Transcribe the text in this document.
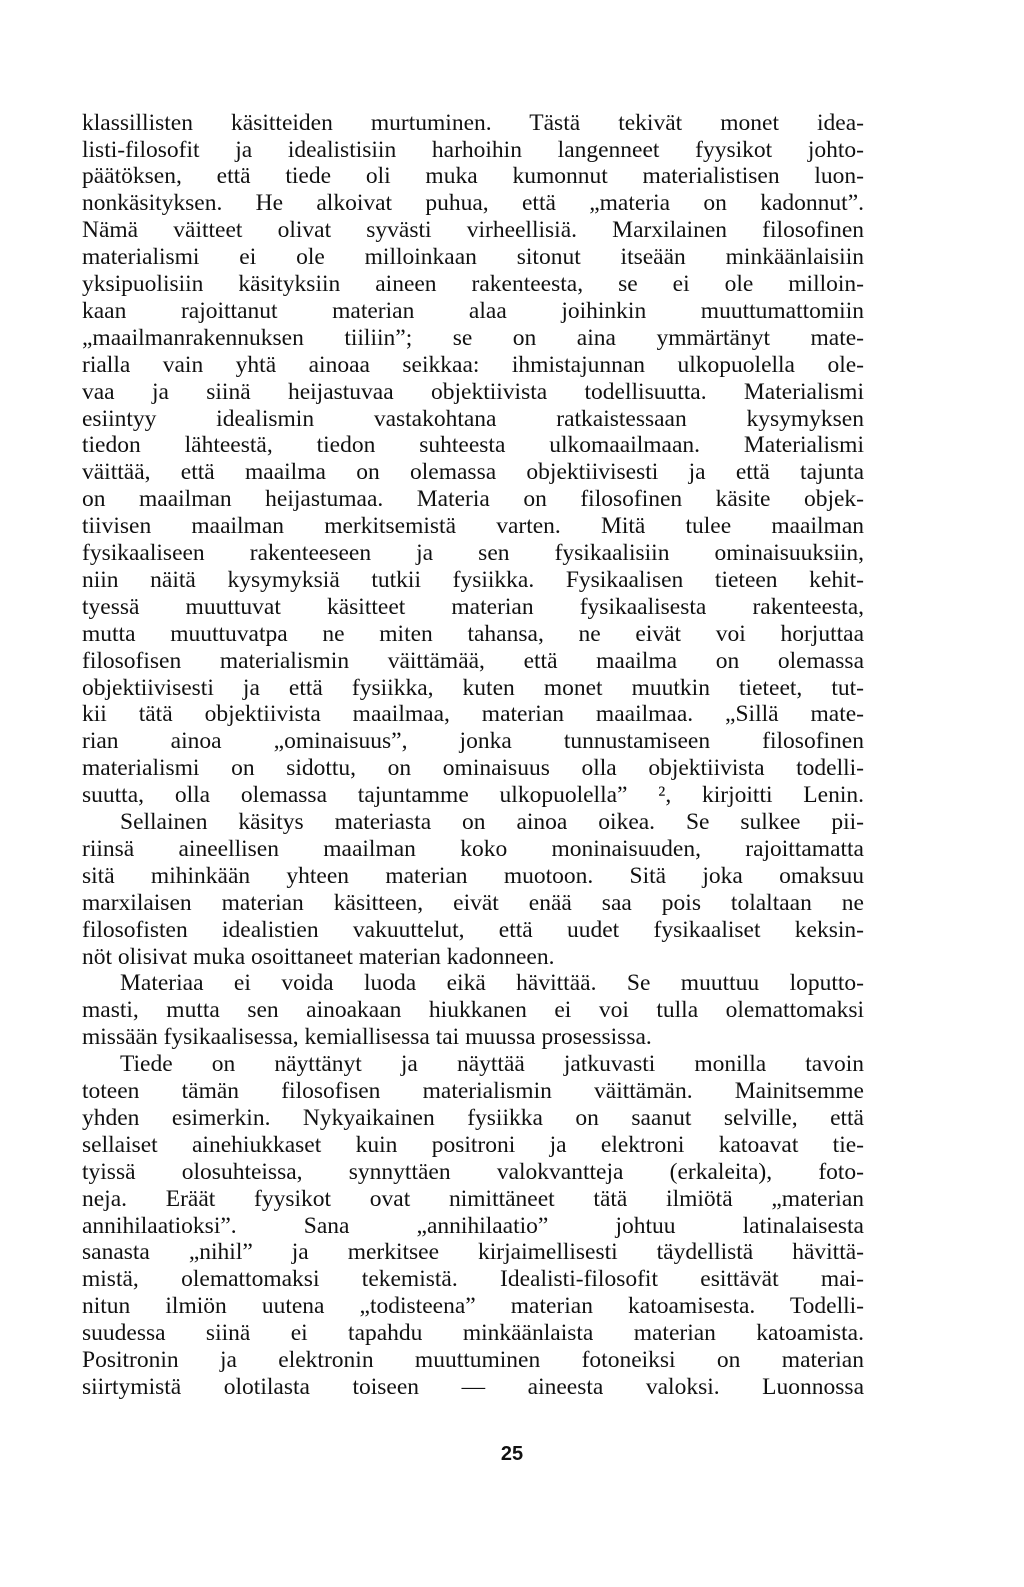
klassillisten käsitteiden murtuminen. Tästä tekivät monet idea-
listi-filosofit ja idealistisiin harhoihin langenneet fyysikot johto-
päätöksen, että tiede oli muka kumonnut materialistisen luon-
nonkäsityksen. He alkoivat puhua, että „materia on kadonnut”.
Nämä väitteet olivat syvästi virheellisiä. Marxilainen filosofinen
materialismi ei ole milloinkaan sitonut itseään minkäänlaisiin
yksipuolisiin käsityksiin aineen rakenteesta, se ei ole milloin-
kaan rajoittanut materian alaa joihinkin muuttumattomiin
„maailmanrakennuksen tiiliin”; se on aina ymmärtänyt mate-
rialla vain yhtä ainoaa seikkaa: ihmistajunnan ulkopuolella ole-
vaa ja siinä heijastuvaa objektiivista todellisuutta. Materialismi
esiintyy idealismin vastakohtana ratkaistessaan kysymyksen
tiedon lähteestä, tiedon suhteesta ulkomaailmaan. Materialismi
väittää, että maailma on olemassa objektiivisesti ja että tajunta
on maailman heijastumaa. Materia on filosofinen käsite objek-
tiivisen maailman merkitsemistä varten. Mitä tulee maailman
fysikaaliseen rakenteeseen ja sen fysikaalisiin ominaisuuksiin,
niin näitä kysymyksiä tutkii fysiikka. Fysikaalisen tieteen kehit-
tyessä muuttuvat käsitteet materian fysikaalisesta rakenteesta,
mutta muuttuvatpa ne miten tahansa, ne eivät voi horjuttaa
filosofisen materialismin väittämää, että maailma on olemassa
objektiivisesti ja että fysiikka, kuten monet muutkin tieteet, tut-
kii tätä objektiivista maailmaa, materian maailmaa. „Sillä mate-
rian ainoa „ominaisuus”, jonka tunnustamiseen filosofinen
materialismi on sidottu, on ominaisuus olla objektiivista todelli-
suutta, olla olemassa tajuntamme ulkopuolella” ², kirjoitti Lenin.
Sellainen käsitys materiasta on ainoa oikea. Se sulkee pii-
riinsä aineellisen maailman koko moninaisuuden, rajoittamatta
sitä mihinkään yhteen materian muotoon. Sitä joka omaksuu
marxilaisen materian käsitteen, eivät enää saa pois tolaltaan ne
filosofisten idealistien vakuuttelut, että uudet fysikaaliset keksin-
nöt olisivat muka osoittaneet materian kadonneen.
Materiaa ei voida luoda eikä hävittää. Se muuttuu loputto-
masti, mutta sen ainoakaan hiukkanen ei voi tulla olemattomaksi
missään fysikaalisessa, kemiallisessa tai muussa prosessissa.
Tiede on näyttänyt ja näyttää jatkuvasti monilla tavoin
toteen tämän filosofisen materialismin väittämän. Mainitsemme
yhden esimerkin. Nykyaikainen fysiikka on saanut selville, että
sellaiset ainehiukkaset kuin positroni ja elektroni katoavat tie-
tyissä olosuhteissa, synnyttäen valokvantteja (erkaleita), foto-
neja. Eräät fyysikot ovat nimittäneet tätä ilmiötä „materian
annihilaatioksi”. Sana „annihilaatio” johtuu latinalaisesta
sanasta „nihil” ja merkitsee kirjaimellisesti täydellistä hävittä-
mistä, olemattomaksi tekemistä. Idealisti-filosofit esittävät mai-
nitun ilmiön uutena „todisteena” materian katoamisesta. Todelli-
suudessa siinä ei tapahdu minkäänlaista materian katoamista.
Positronin ja elektronin muuttuminen fotoneiksi on materian
siirtymistä olotilasta toiseen — aineesta valoksi. Luonnossa
25
